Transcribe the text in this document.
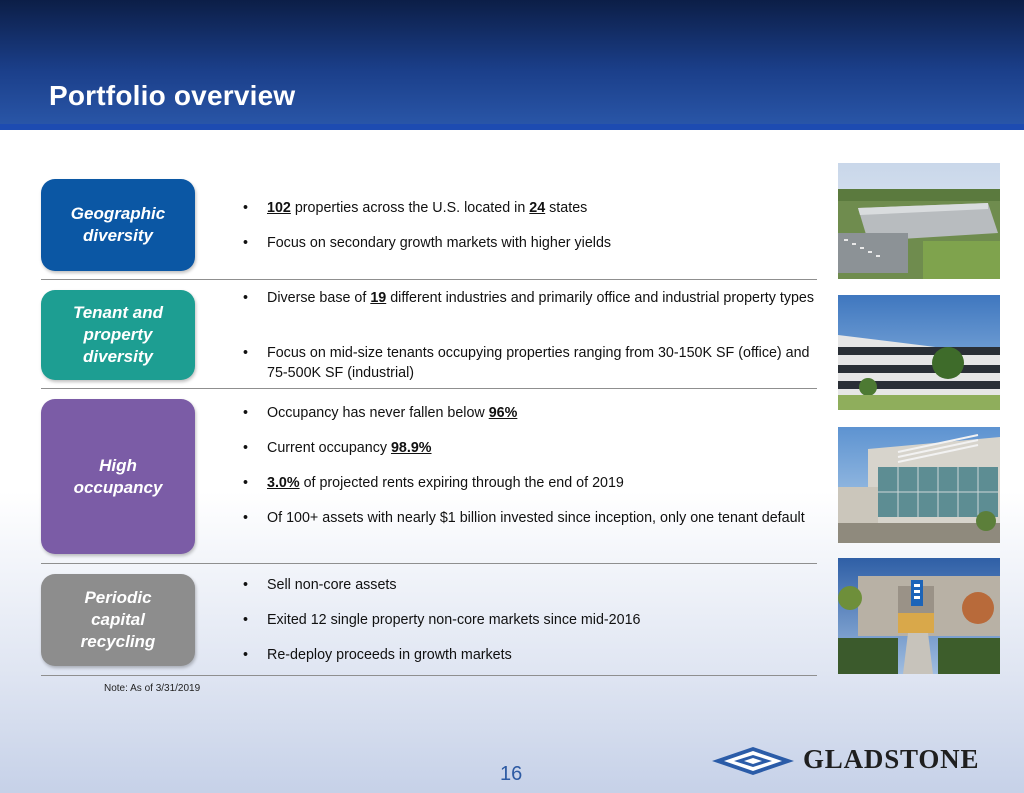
Portfolio overview
Geographic
diversity
Tenant and
property
diversity
High
occupancy
Periodic
capital
recycling
• 102 properties across the U.S. located in 24 states
• Focus on secondary growth markets with higher yields
• Diverse base of 19 different industries and primarily office and industrial property types
• Focus on mid-size tenants occupying properties ranging from 30-150K SF (office) and 75-500K SF (industrial)
• Occupancy has never fallen below 96%
• Current occupancy 98.9%
• 3.0% of projected rents expiring through the end of 2019
• Of 100+ assets with nearly $1 billion invested since inception, only one tenant default
• Sell non-core assets
• Exited 12 single property non-core markets since mid-2016
• Re-deploy proceeds in growth markets
Note: As of 3/31/2019
16	GLADSTONE
